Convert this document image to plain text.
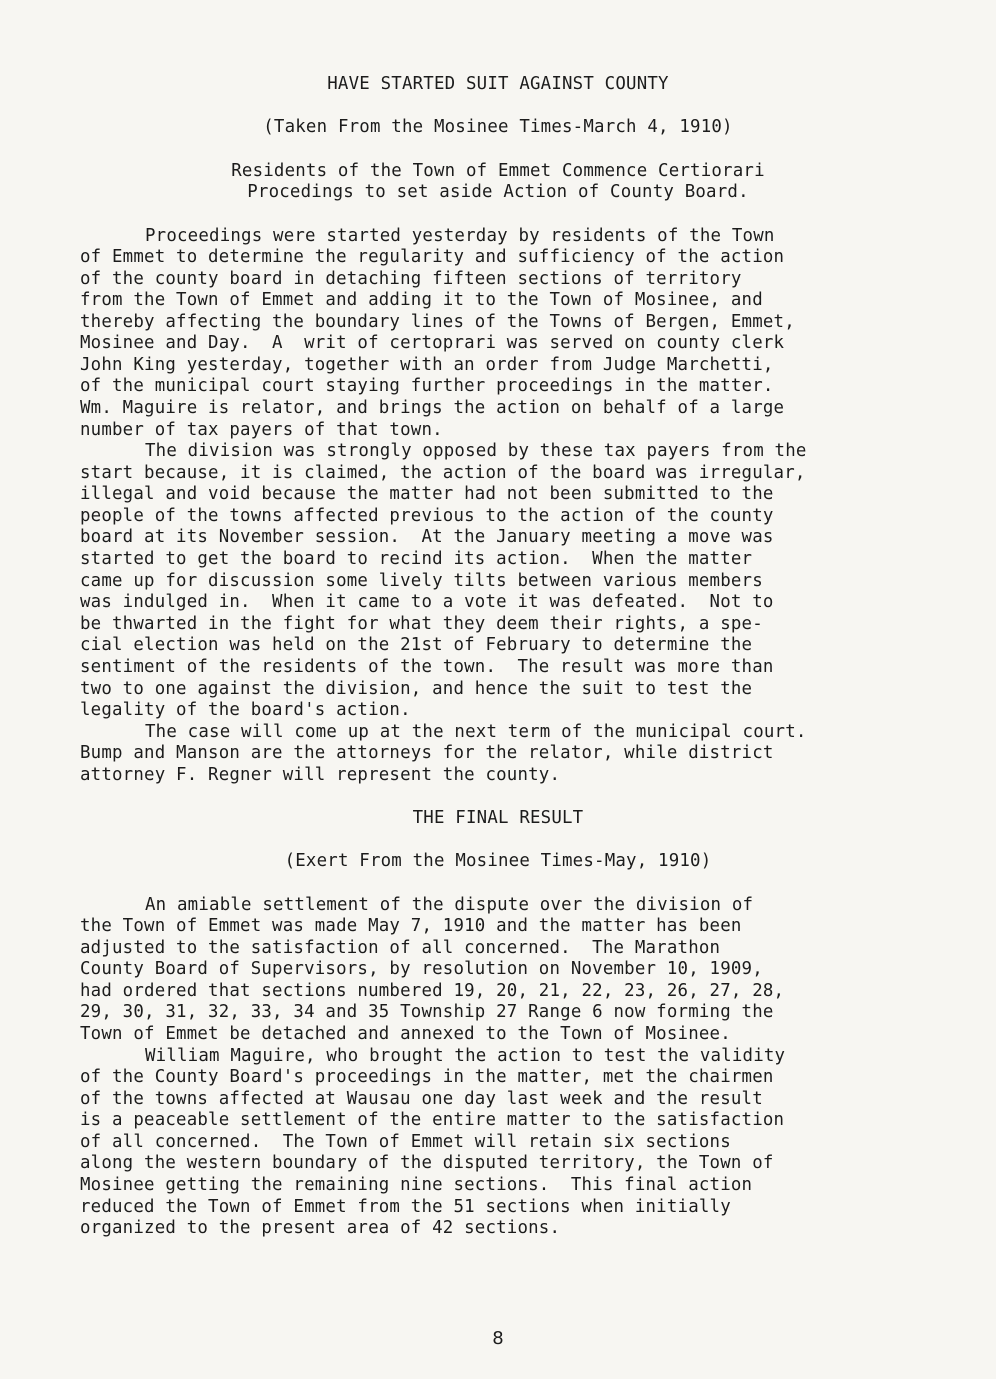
HAVE STARTED SUIT AGAINST COUNTY
(Taken From the Mosinee Times-March 4, 1910)
Residents of the Town of Emmet Commence Certiorari
Procedings to set aside Action of County Board.
Proceedings were started yesterday by residents of the Town
of Emmet to determine the regularity and sufficiency of the action
of the county board in detaching fifteen sections of territory
from the Town of Emmet and adding it to the Town of Mosinee, and
thereby affecting the boundary lines of the Towns of Bergen, Emmet,
Mosinee and Day.  A  writ of certoprari was served on county clerk
John King yesterday, together with an order from Judge Marchetti,
of the municipal court staying further proceedings in the matter.
Wm. Maguire is relator, and brings the action on behalf of a large
number of tax payers of that town.
The division was strongly opposed by these tax payers from the
start because, it is claimed, the action of the board was irregular,
illegal and void because the matter had not been submitted to the
people of the towns affected previous to the action of the county
board at its November session.  At the January meeting a move was
started to get the board to recind its action.  When the matter
came up for discussion some lively tilts between various members
was indulged in.  When it came to a vote it was defeated.  Not to
be thwarted in the fight for what they deem their rights, a spe-
cial election was held on the 21st of February to determine the
sentiment of the residents of the town.  The result was more than
two to one against the division, and hence the suit to test the
legality of the board's action.
The case will come up at the next term of the municipal court.
Bump and Manson are the attorneys for the relator, while district
attorney F. Regner will represent the county.
THE FINAL RESULT
(Exert From the Mosinee Times-May, 1910)
An amiable settlement of the dispute over the division of
the Town of Emmet was made May 7, 1910 and the matter has been
adjusted to the satisfaction of all concerned.  The Marathon
County Board of Supervisors, by resolution on November 10, 1909,
had ordered that sections numbered 19, 20, 21, 22, 23, 26, 27, 28,
29, 30, 31, 32, 33, 34 and 35 Township 27 Range 6 now forming the
Town of Emmet be detached and annexed to the Town of Mosinee.
William Maguire, who brought the action to test the validity
of the County Board's proceedings in the matter, met the chairmen
of the towns affected at Wausau one day last week and the result
is a peaceable settlement of the entire matter to the satisfaction
of all concerned.  The Town of Emmet will retain six sections
along the western boundary of the disputed territory, the Town of
Mosinee getting the remaining nine sections.  This final action
reduced the Town of Emmet from the 51 sections when initially
organized to the present area of 42 sections.
8
